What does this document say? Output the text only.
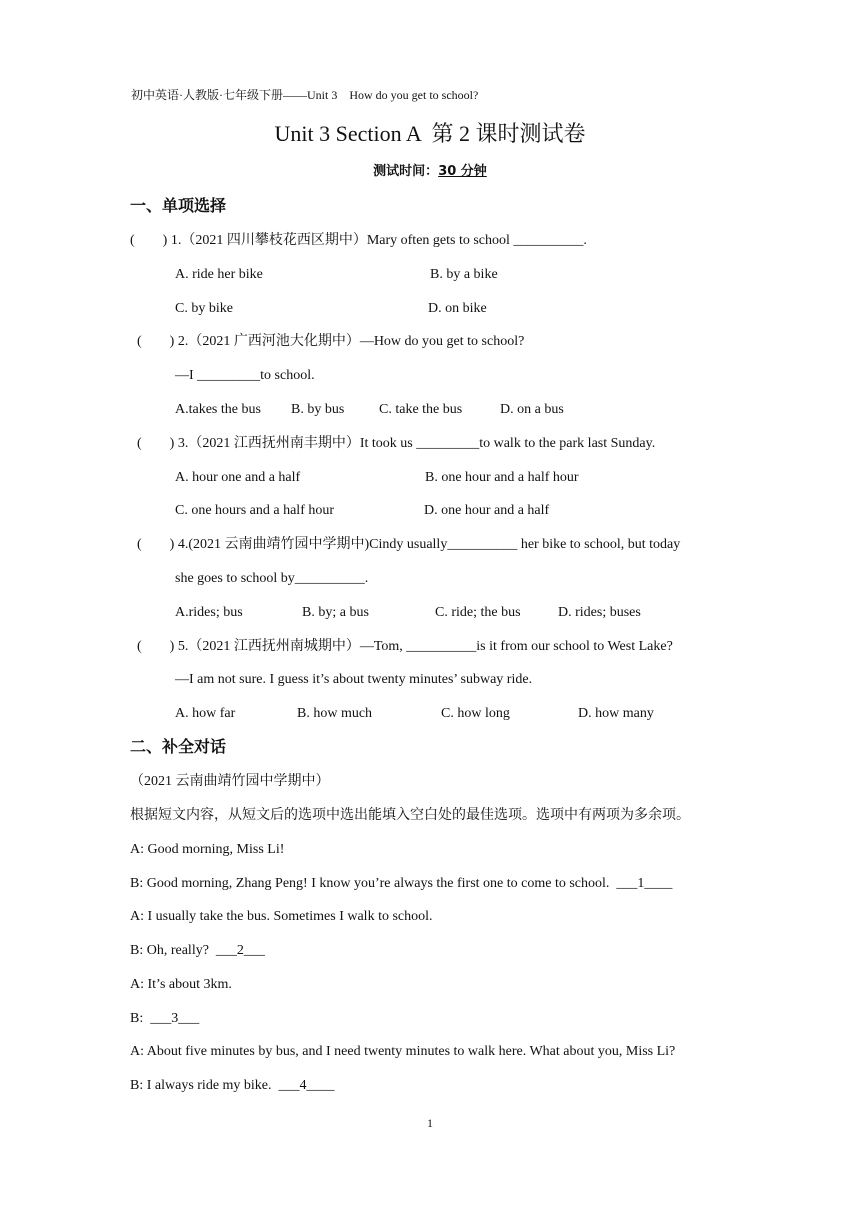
初中英语·人教版·七年级下册——Unit 3    How do you get to school?
Unit 3 Section A  第 2 课时测试卷
测试时间：30 分钟
一、单项选择
(        ) 1.（2021 四川攀枝花西区期中）Mary often gets to school __________.
A. ride her bike	B. by a bike
C. by bike	D. on bike
(        ) 2.（2021 广西河池大化期中）—How do you get to school?
—I _________to school.
A.takes the bus B. by bus C. take the bus	D. on a bus
(        ) 3.（2021 江西抚州南丰期中）It took us _________to walk to the park last Sunday.
A. hour one and a half	B. one hour and a half hour
C. one hours and a half hour	D. one hour and a half
(        ) 4.(2021 云南曲靖竹园中学期中)Cindy usually__________ her bike to school, but today
she goes to school by__________.
A.rides; bus	B. by; a bus	C. ride; the bus	D. rides; buses
(        ) 5.（2021 江西抚州南城期中）—Tom, __________is it from our school to West Lake?
—I am not sure. I guess it’s about twenty minutes’ subway ride.
A. how far	B. how much	C. how long	D. how many
二、补全对话
（2021 云南曲靖竹园中学期中）
根据短文内容，从短文后的选项中选出能填入空白处的最佳选项。选项中有两项为多余项。
A: Good morning, Miss Li!
B: Good morning, Zhang Peng! I know you’re always the first one to come to school.  ___1____
A: I usually take the bus. Sometimes I walk to school.
B: Oh, really?  ___2___
A: It’s about 3km.
B:  ___3___
A: About five minutes by bus, and I need twenty minutes to walk here. What about you, Miss Li?
B: I always ride my bike.  ___4____
1
